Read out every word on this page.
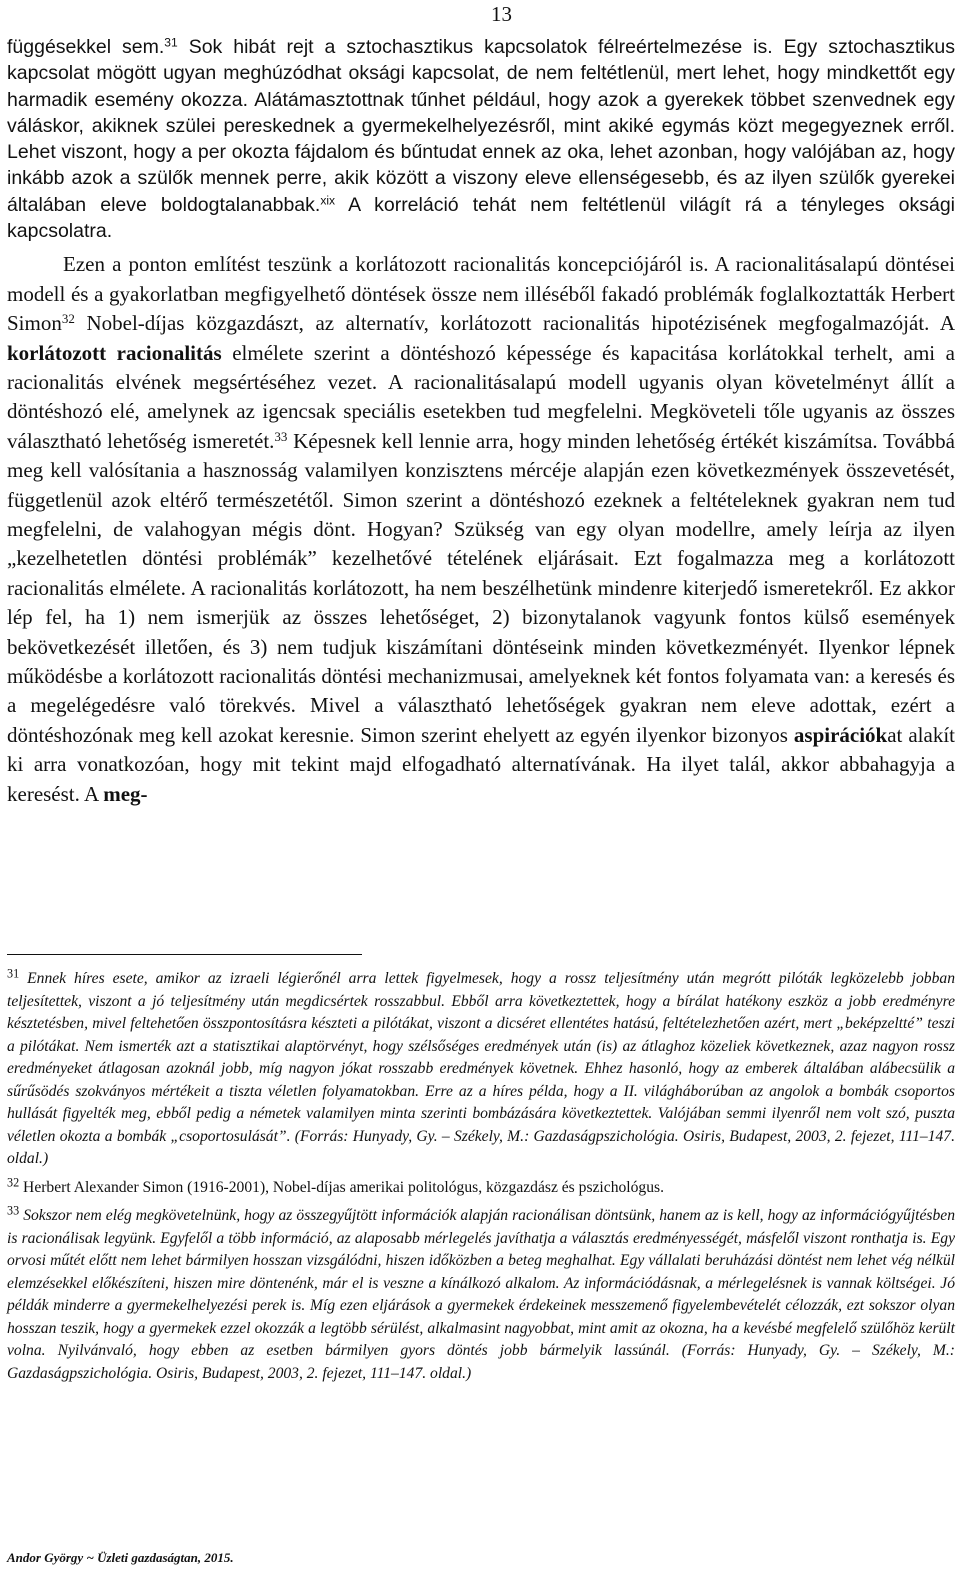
13

függésekkel sem.$^{31}$ Sok hibát rejt a sztochasztikus kapcsolatok félreértelmezése is. Egy sztochasztikus kapcsolat mögött ugyan meghúzódhat oksági kapcsolat, de nem feltétlenül, mert lehet, hogy mindkettőt egy harmadik esemény okozza. Alátámasztottnak tűnhet például, hogy azok a gyerekek többet szenvednek egy váláskor, akiknek szülei pereskednek a gyermekelhelyezésről, mint akiké egymás közt megegyeznek erről. Lehet viszont, hogy a per okozta fájdalom és bűntudat ennek az oka, lehet azonban, hogy valójában az, hogy inkább azok a szülők mennek perre, akik között a viszony eleve ellenségesebb, és az ilyen szülők gyerekei általában eleve boldogtalanabbak.$^{xix}$ A korreláció tehát nem feltétlenül világít rá a tényleges oksági kapcsolatra.

Ezen a ponton említést teszünk a korlátozott racionalitás koncepciójáról is. A racionalitásalapú döntései modell és a gyakorlatban megfigyelhető döntések össze nem illéséből fakadó problémák foglalkoztatták Herbert Simon$^{32}$ Nobel-díjas közgazdászt, az alternatív, korlátozott racionalitás hipotézisének megfogalmazóját. A korlátozott racionalitás elmélete szerint a döntéshozó képessége és kapacitása korlátokkal terhelt, ami a racionalitás elvének megsértéséhez vezet. A racionalitásalapú modell ugyanis olyan követelményt állít a döntéshozó elé, amelynek az igencsak speciális esetekben tud megfelelni. Megköveteli tőle ugyanis az összes választható lehetőség ismeretét.$^{33}$ Képesnek kell lennie arra, hogy minden lehetőség értékét kiszámítsa. Továbbá meg kell valósítania a hasznosság valamilyen konzisztens mércéje alapján ezen következmények összevetését, függetlenül azok eltérő természetétől. Simon szerint a döntéshozó ezeknek a feltételeknek gyakran nem tud megfelelni, de valahogyan mégis dönt. Hogyan? Szükség van egy olyan modellre, amely leírja az ilyen „kezelhetetlen döntési problémák” kezelhetővé tételének eljárásait. Ezt fogalmazza meg a korlátozott racionalitás elmélete. A racionalitás korlátozott, ha nem beszélhetünk mindenre kiterjedő ismeretekről. Ez akkor lép fel, ha 1) nem ismerjük az összes lehetőséget, 2) bizonytalanok vagyunk fontos külső események bekövetkezését illetően, és 3) nem tudjuk kiszámítani döntéseink minden következményét. Ilyenkor lépnek működésbe a korlátozott racionalitás döntési mechanizmusai, amelyeknek két fontos folyamata van: a keresés és a megelégedésre való törekvés. Mivel a választható lehetőségek gyakran nem eleve adottak, ezért a döntéshozónak meg kell azokat keresnie. Simon szerint ehelyett az egyén ilyenkor bizonyos aspirációkat alakít ki arra vonatkozóan, hogy mit tekint majd elfogadható alternatívának. Ha ilyet talál, akkor abbahagyja a keresést. A meg-

$^{31}$ Ennek híres esete, amikor az izraeli légierőnél arra lettek figyelmesek, hogy a rossz teljesítmény után megrótt pilóták legközelebb jobban teljesítettek, viszont a jó teljesítmény után megdicsértek rosszabbul. Ebből arra következtettek, hogy a bírálat hatékony eszköz a jobb eredményre késztetésben, mivel feltehetően összpontosításra készteti a pilótákat, viszont a dicséret ellentétes hatású, feltételezhetően azért, mert „beképzeltté” teszi a pilótákat. Nem ismerték azt a statisztikai alaptörvényt, hogy szélsőséges eredmények után (is) az átlaghoz közeliek következnek, azaz nagyon rossz eredményeket átlagosan azoknál jobb, míg nagyon jókat rosszabb eredmények követnek. Ehhez hasonló, hogy az emberek általában alábecsülik a sűrűsödés szokványos mértékeit a tiszta véletlen folyamatokban. Erre az a híres példa, hogy a II. világháborúban az angolok a bombák csoportos hullását figyelték meg, ebből pedig a németek valamilyen minta szerinti bombázására következtettek. Valójában semmi ilyenről nem volt szó, puszta véletlen okozta a bombák „csoportosulását”. (Forrás: Hunyady, Gy. – Székely, M.: Gazdaságpszichológia. Osiris, Budapest, 2003, 2. fejezet, 111–147. oldal.)

$^{32}$ Herbert Alexander Simon (1916-2001), Nobel-díjas amerikai politológus, közgazdász és pszichológus.

$^{33}$ Sokszor nem elég megkövetelnünk, hogy az összegyűjtött információk alapján racionálisan döntsünk, hanem az is kell, hogy az információgyűjtésben is racionálisak legyünk. Egyfelől a több információ, az alaposabb mérlegelés javíthatja a választás eredményességét, másfelől viszont ronthatja is. Egy orvosi műtét előtt nem lehet bármilyen hosszan vizsgálódni, hiszen időközben a beteg meghalhat. Egy vállalati beruházási döntést nem lehet vég nélkül elemzésekkel előkészíteni, hiszen mire döntenénk, már el is veszne a kínálkozó alkalom. Az információdásnak, a mérlegelésnek is vannak költségei. Jó példák minderre a gyermekelhelyezési perek is. Míg ezen eljárások a gyermekek érdekeinek messzemenő figyelembevételét célozzák, ezt sokszor olyan hosszan teszik, hogy a gyermekek ezzel okozzák a legtöbb sérülést, alkalmasint nagyobbat, mint amit az okozna, ha a kevésbé megfelelő szülőhöz került volna. Nyilvánvaló, hogy ebben az esetben bármilyen gyors döntés jobb bármelyik lassúnál. (Forrás: Hunyady, Gy. – Székely, M.: Gazdaságpszichológia. Osiris, Budapest, 2003, 2. fejezet, 111–147. oldal.)

Andor György ~ Üzleti gazdaságtan, 2015.
